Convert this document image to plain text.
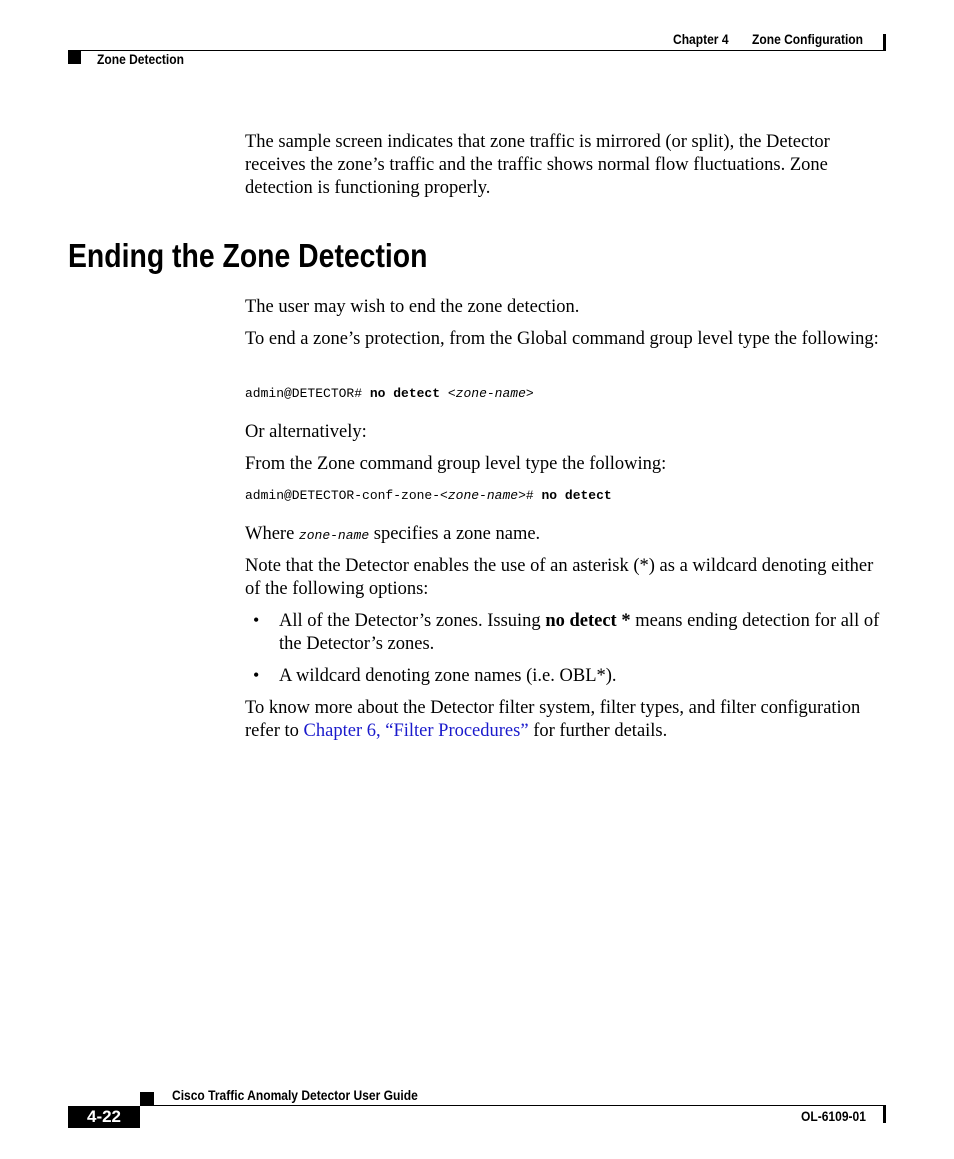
Chapter 4 Zone Configuration
Zone Detection

The sample screen indicates that zone traffic is mirrored (or split), the Detector receives the zone’s traffic and the traffic shows normal flow fluctuations. Zone detection is functioning properly.

Ending the Zone Detection

The user may wish to end the zone detection.

To end a zone’s protection, from the Global command group level type the following:

admin@DETECTOR# no detect <zone-name>

Or alternatively:

From the Zone command group level type the following:

admin@DETECTOR-conf-zone-<zone-name># no detect

Where zone-name specifies a zone name.

Note that the Detector enables the use of an asterisk (*) as a wildcard denoting either of the following options:

• All of the Detector’s zones. Issuing no detect * means ending detection for all of the Detector’s zones.

• A wildcard denoting zone names (i.e. OBL*).

To know more about the Detector filter system, filter types, and filter configuration refer to Chapter 6, “Filter Procedures” for further details.

Cisco Traffic Anomaly Detector User Guide
4-22	OL-6109-01
